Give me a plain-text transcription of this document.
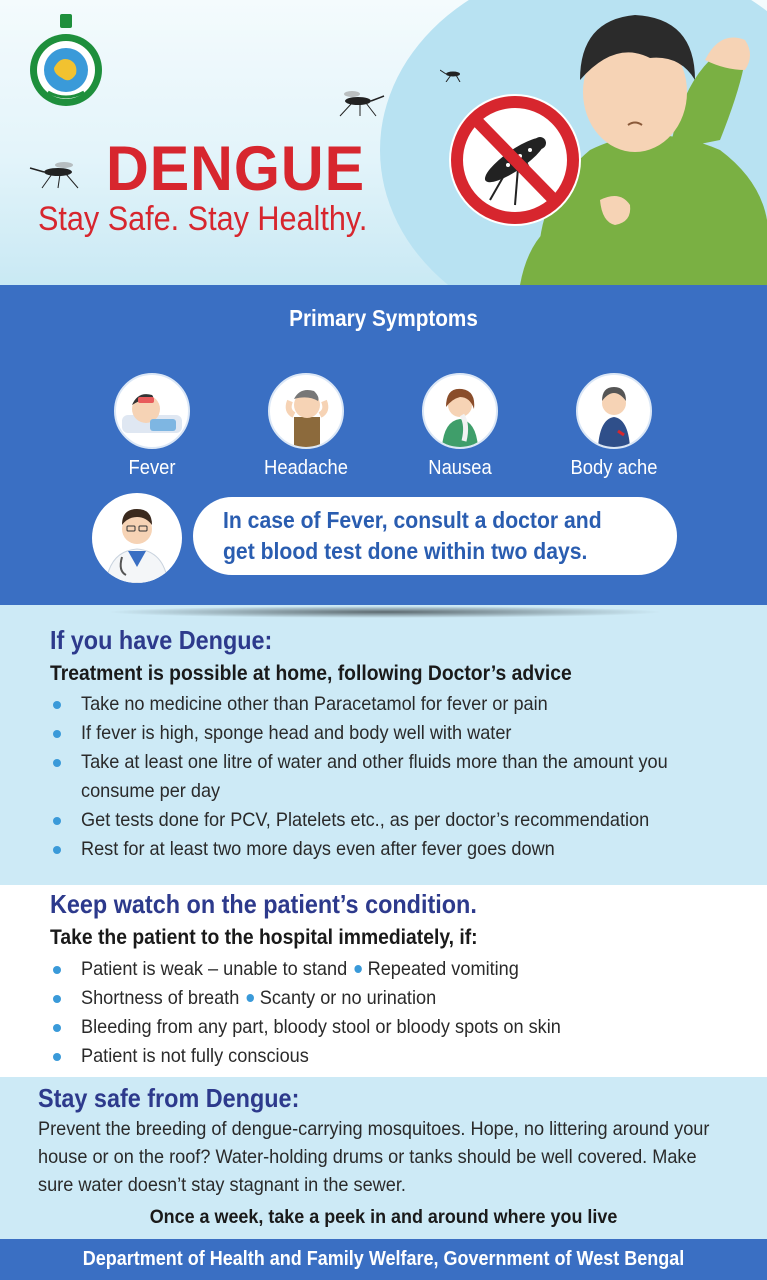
DENGUE

Stay Safe. Stay Healthy.

Primary Symptoms
Fever	Headache	Nausea	Body ache

In case of Fever, consult a doctor and

get blood test done within two days.

If you have Dengue:
Treatment is possible at home, following Doctor’s advice
Take no medicine other than Paracetamol for fever or pain
If fever is high, sponge head and body well with water
Take at least one litre of water and other fluids more than the amount you
consume per day
Get tests done for PCV, Platelets etc., as per doctor’s recommendation
Rest for at least two more days even after fever goes down
Keep watch on the patient’s condition.
Take the patient to the hospital immediately, if:
Patient is weak – unable to stand Repeated vomiting
Shortness of breath Scanty or no urination
Bleeding from any part, bloody stool or bloody spots on skin
Patient is not fully conscious
Stay safe from Dengue:
Prevent the breeding of dengue-carrying mosquitoes. Hope, no littering around your
house or on the roof? Water-holding drums or tanks should be well covered. Make
sure water doesn’t stay stagnant in the sewer.
Once a week, take a peek in and around where you live

Department of Health and Family Welfare, Government of West Bengal
